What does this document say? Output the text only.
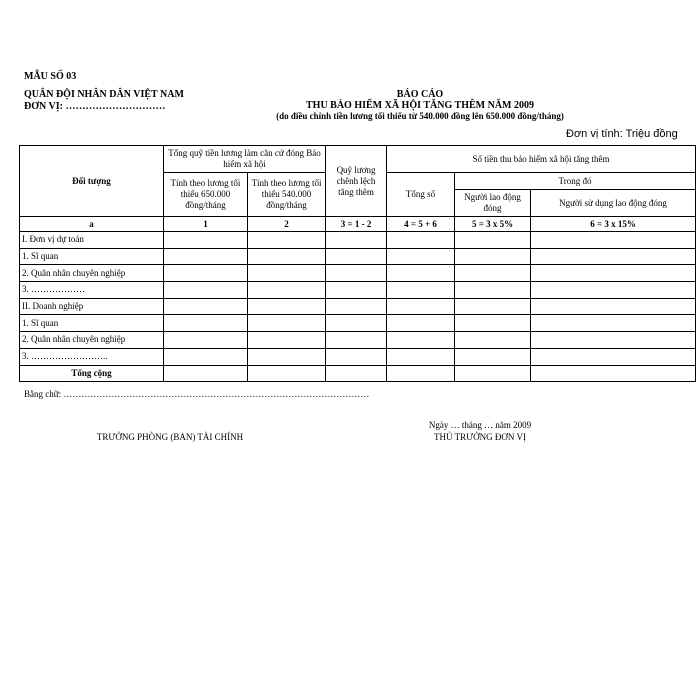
MẪU SỐ 03
QUÂN ĐỘI NHÂN DÂN VIỆT NAM
ĐƠN VỊ: …………………………
BÁO CÁO
THU BẢO HIỂM XÃ HỘI TĂNG THÊM NĂM 2009
(do điều chỉnh tiền lương tối thiểu từ 540.000 đồng lên 650.000 đồng/tháng)
Đơn vị tính: Triệu đồng
Đối tượng	Tổng quỹ tiền lương làm căn cứ đóng Bảo hiểm xã hội		Quỹ lương chênh lệch tăng thêm	Số tiền thu bảo hiểm xã hội tăng thêm		
	Tính theo lương tối thiểu 650.000 đồng/tháng	Tính theo lương tối thiểu 540.000 đồng/tháng		Tổng số	Trong đó	
					Người lao động đóng	Người sử dụng lao động đóng
a	1	2	3 = 1 - 2	4 = 5 + 6	5 = 3 x 5%	6 = 3 x 15%
I. Đơn vị dự toán						
1. Sĩ quan						
2. Quân nhân chuyên nghiệp						
3. ………………						
II. Doanh nghiệp						
1. Sĩ quan						
2. Quân nhân chuyên nghiệp						
3. ……………………..						
Tổng cộng						
Bằng chữ: …………………………………………………………………………………………
Ngày … tháng … năm 2009
TRƯỞNG PHÒNG (BAN) TÀI CHÍNH	THỦ TRƯỞNG ĐƠN VỊ
